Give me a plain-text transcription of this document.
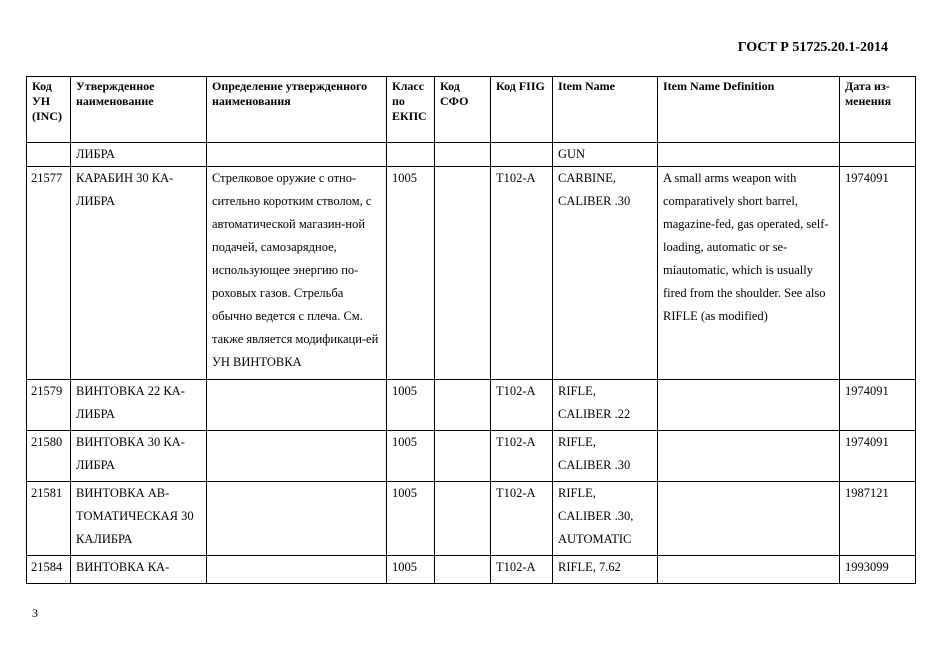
ГОСТ Р 51725.20.1-2014
Код УН (INC)	Утвержденное наименование	Определение утвержденного наименования	Класс по ЕКПС	Код СФО	Код FIIG	Item Name	Item Name Definition	Дата из-менения
	ЛИБРА					GUN		
21577	КАРАБИН 30 КА-ЛИБРА	Стрелковое оружие с отно-сительно коротким стволом, с автоматической магазин-ной подачей, самозарядное, использующее энергию по-роховых газов. Стрельба обычно ведется с плеча. См. также является модификаци-ей УН ВИНТОВКА	1005		T102-A	CARBINE, CALIBER .30	A small arms weapon with comparatively short barrel, magazine-fed, gas operated, self-loading, automatic or se-miautomatic, which is usually fired from the shoulder. See also RIFLE (as modified)	1974091
21579	ВИНТОВКА 22 КА-ЛИБРА		1005		T102-A	RIFLE, CALIBER .22		1974091
21580	ВИНТОВКА 30 КА-ЛИБРА		1005		T102-A	RIFLE, CALIBER .30		1974091
21581	ВИНТОВКА АВ-ТОМАТИЧЕСКАЯ 30 КАЛИБРА		1005		T102-A	RIFLE, CALIBER .30, AUTOMATIC		1987121
21584	ВИНТОВКА КА-		1005		T102-A	RIFLE, 7.62		1993099
3
